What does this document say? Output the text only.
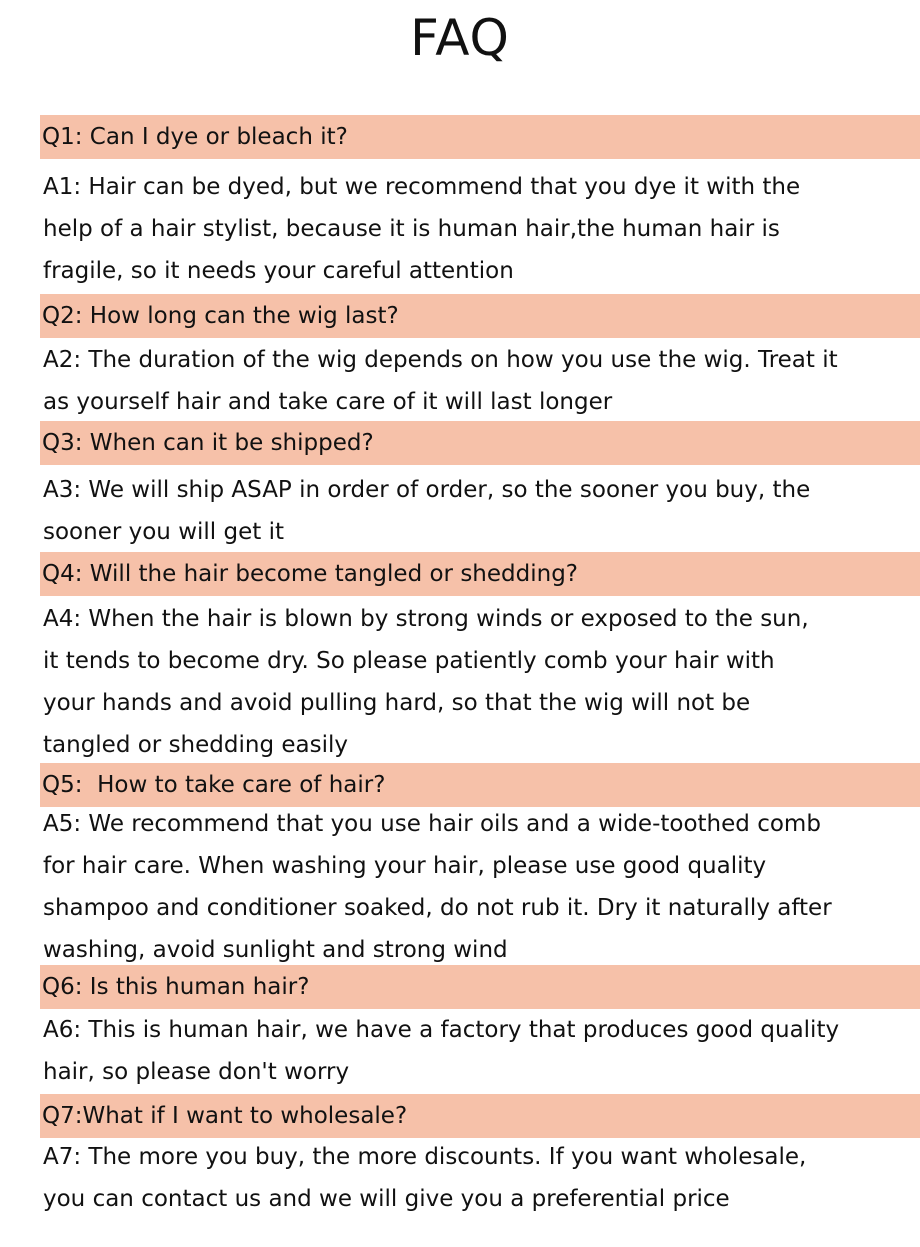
FAQ
Q1: Can I dye or bleach it?
A1: Hair can be dyed, but we recommend that you dye it with the
help of a hair stylist, because it is human hair,the human hair is
fragile, so it needs your careful attention
Q2: How long can the wig last?
A2: The duration of the wig depends on how you use the wig. Treat it
as yourself hair and take care of it will last longer
Q3: When can it be shipped?
A3: We will ship ASAP in order of order, so the sooner you buy, the
sooner you will get it
Q4: Will the hair become tangled or shedding?
A4: When the hair is blown by strong winds or exposed to the sun,
it tends to become dry. So please patiently comb your hair with
your hands and avoid pulling hard, so that the wig will not be
tangled or shedding easily
Q5:  How to take care of hair?
A5: We recommend that you use hair oils and a wide-toothed comb
for hair care. When washing your hair, please use good quality
shampoo and conditioner soaked, do not rub it. Dry it naturally after
washing, avoid sunlight and strong wind
Q6: Is this human hair?
A6: This is human hair, we have a factory that produces good quality
hair, so please don't worry
Q7:What if I want to wholesale?
A7: The more you buy, the more discounts. If you want wholesale,
you can contact us and we will give you a preferential price
